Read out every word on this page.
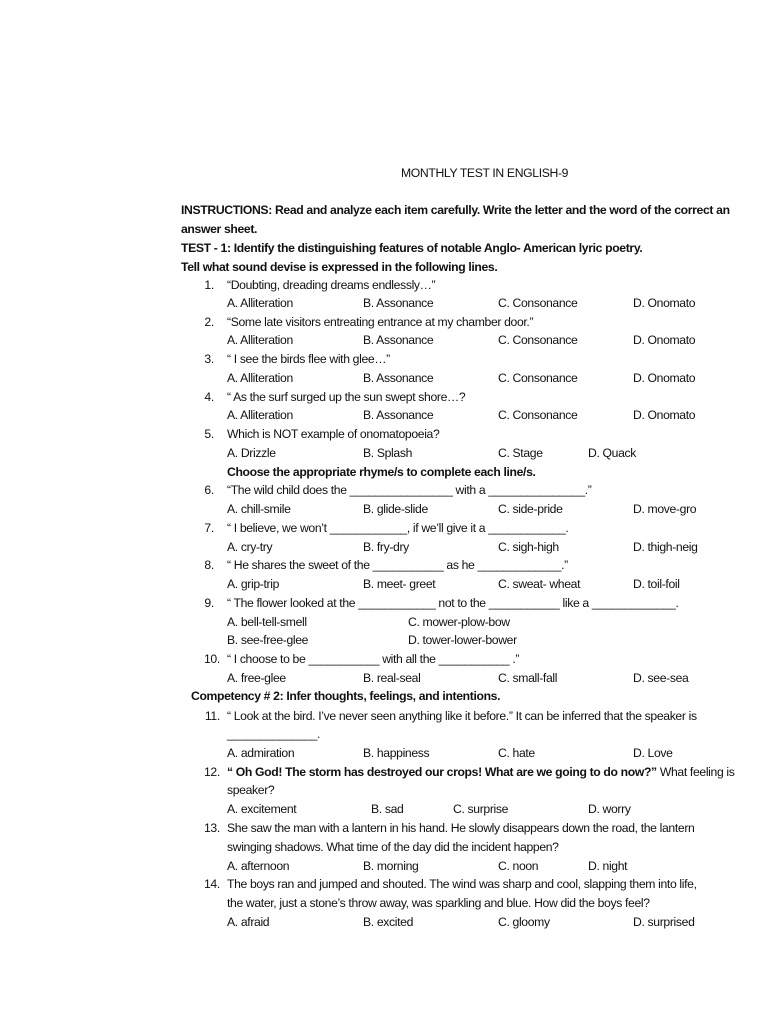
MONTHLY TEST IN ENGLISH-9
INSTRUCTIONS: Read and analyze each item carefully. Write the letter and the word of the correct an
answer sheet.
TEST - 1: Identify the distinguishing features of notable Anglo- American lyric poetry.
Tell what sound devise is expressed in the following lines.
1. “Doubting, dreading dreams endlessly…”
A. Alliteration	B. Assonance	C. Consonance	D. Onomato
2. “Some late visitors entreating entrance at my chamber door.”
A. Alliteration	B. Assonance	C. Consonance	D. Onomato
3. “ I see the birds flee with glee…”
A. Alliteration	B. Assonance	C. Consonance	D. Onomato
4. “ As the surf surged up the sun swept shore…?
A. Alliteration	B. Assonance	C. Consonance	D. Onomato
5. Which is NOT example of onomatopoeia?
A. Drizzle	B. Splash	C. Stage	D. Quack
Choose the appropriate rhyme/s to complete each line/s.
6. “The wild child does the ________________ with a _______________.”
A. chill-smile	B. glide-slide	C. side-pride	D. move-gro
7. “ I believe, we won’t ____________, if we’ll give it a ____________.
A. cry-try	B. fry-dry	C. sigh-high	D. thigh-neig
8. “ He shares the sweet of the ___________ as he _____________.”
A. grip-trip	B. meet- greet	C. sweat- wheat	D. toil-foil
9. “ The flower looked at the ____________ not to the ___________ like a _____________.
A. bell-tell-smell	C. mower-plow-bow
B. see-free-glee	D. tower-lower-bower
10. “ I choose to be ___________ with all the ___________ .”
A. free-glee	B. real-seal	C. small-fall	D. see-sea
Competency # 2: Infer thoughts, feelings, and intentions.
11. “ Look at the bird. I’ve never seen anything like it before.” It can be inferred that the speaker is
______________.
A. admiration	B. happiness	C. hate	D. Love
12. “ Oh God! The storm has destroyed our crops! What are we going to do now?” What feeling is
speaker?
A. excitement	B. sad	C. surprise	D. worry
13. She saw the man with a lantern in his hand. He slowly disappears down the road, the lantern
swinging shadows. What time of the day did the incident happen?
A. afternoon	B. morning	C. noon	D. night
14. The boys ran and jumped and shouted. The wind was sharp and cool, slapping them into life,
the water, just a stone’s throw away, was sparkling and blue. How did the boys feel?
A. afraid	B. excited	C. gloomy	D. surprised
